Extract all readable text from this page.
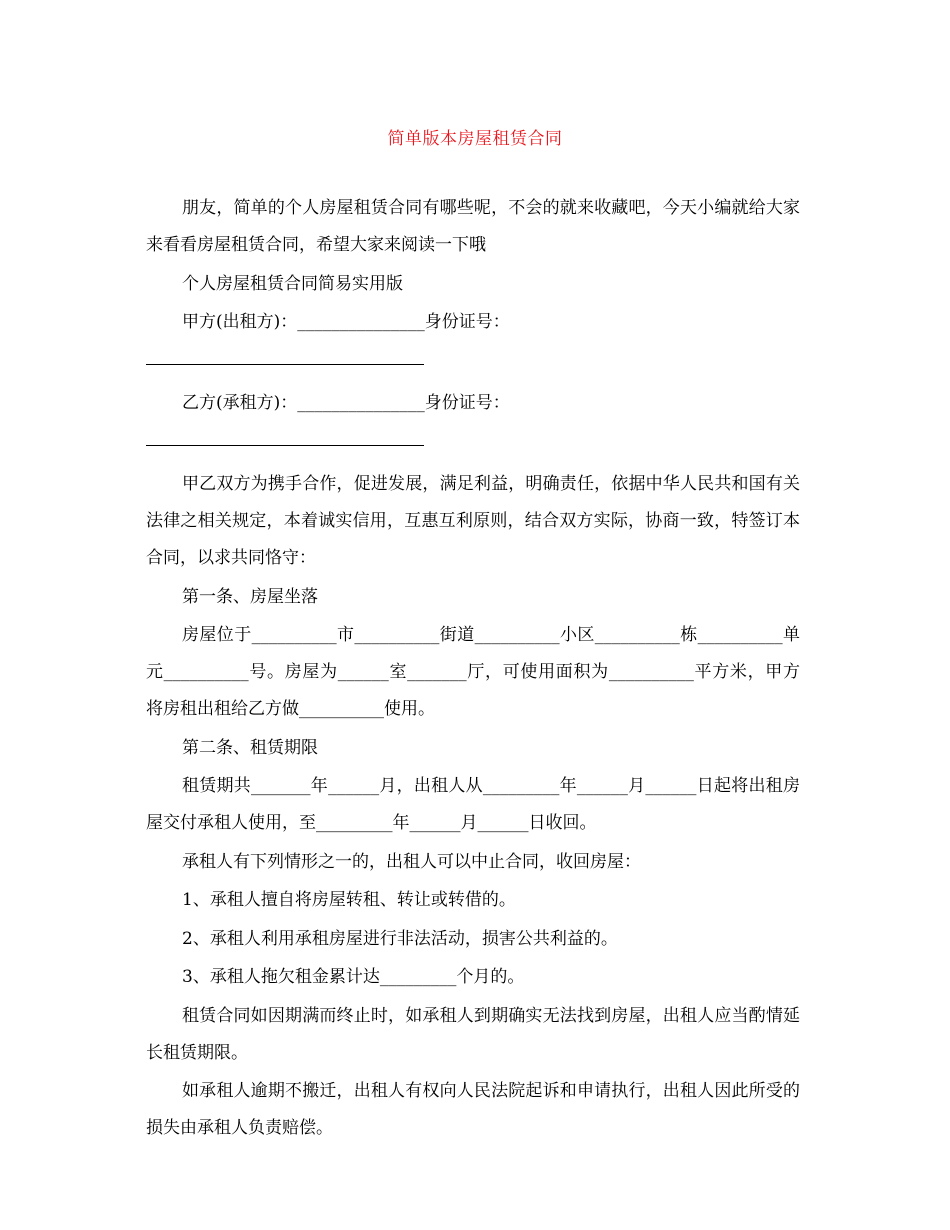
简单版本房屋租赁合同

朋友，简单的个人房屋租赁合同有哪些呢，不会的就来收藏吧，今天小编就给大家来看看房屋租赁合同，希望大家来阅读一下哦

个人房屋租赁合同简易实用版

甲方(出租方)：_______________身份证号：

乙方(承租方)：_______________身份证号：

甲乙双方为携手合作，促进发展，满足利益，明确责任，依据中华人民共和国有关法律之相关规定，本着诚实信用，互惠互利原则，结合双方实际，协商一致，特签订本合同，以求共同恪守：

第一条、房屋坐落

房屋位于__________市__________街道__________小区__________栋__________单元__________号。房屋为______室_______厅，可使用面积为__________平方米，甲方将房租出租给乙方做__________使用。

第二条、租赁期限

租赁期共_______年______月，出租人从_________年______月______日起将出租房屋交付承租人使用，至_________年______月______日收回。

承租人有下列情形之一的，出租人可以中止合同，收回房屋：

1、承租人擅自将房屋转租、转让或转借的。

2、承租人利用承租房屋进行非法活动，损害公共利益的。

3、承租人拖欠租金累计达_________个月的。

租赁合同如因期满而终止时，如承租人到期确实无法找到房屋，出租人应当酌情延长租赁期限。

如承租人逾期不搬迁，出租人有权向人民法院起诉和申请执行，出租人因此所受的损失由承租人负责赔偿。
